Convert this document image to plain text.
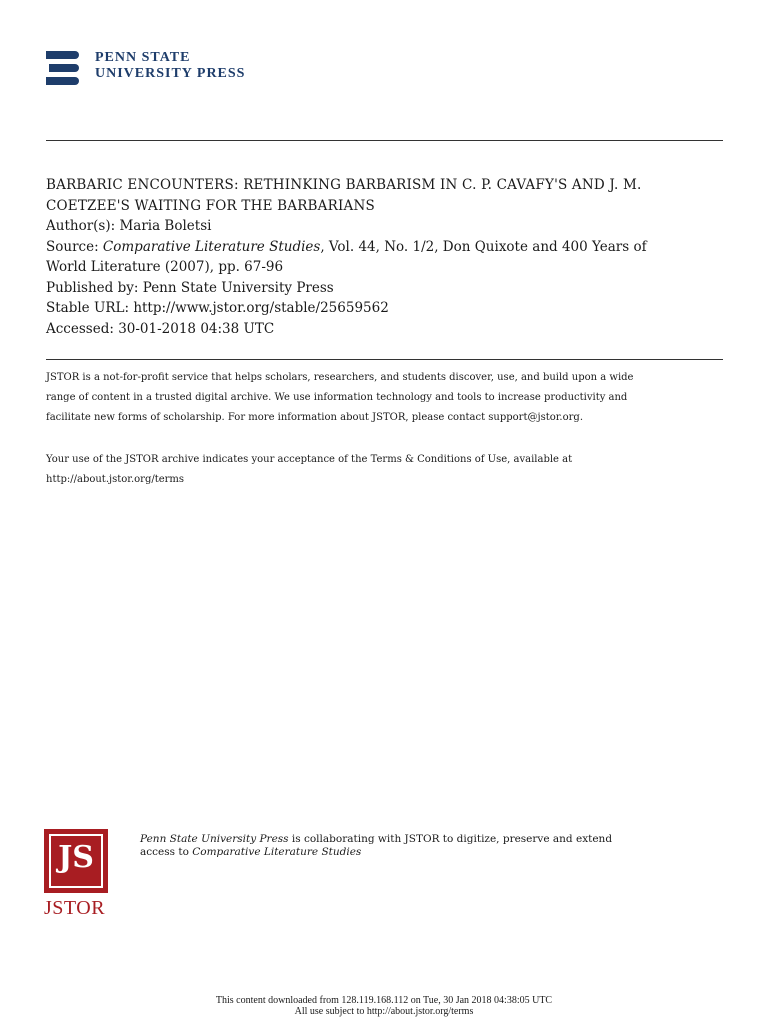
PENN STATE
UNIVERSITY PRESS
BARBARIC ENCOUNTERS: RETHINKING BARBARISM IN C. P. CAVAFY'S AND J. M. COETZEE'S WAITING FOR THE BARBARIANS
Author(s): Maria Boletsi
Source: Comparative Literature Studies, Vol. 44, No. 1/2, Don Quixote and 400 Years of
World Literature (2007), pp. 67-96
Published by: Penn State University Press
Stable URL: http://www.jstor.org/stable/25659562
Accessed: 30-01-2018 04:38 UTC
JSTOR is a not-for-profit service that helps scholars, researchers, and students discover, use, and build upon a wide
range of content in a trusted digital archive. We use information technology and tools to increase productivity and
facilitate new forms of scholarship. For more information about JSTOR, please contact support@jstor.org.
Your use of the JSTOR archive indicates your acceptance of the Terms & Conditions of Use, available at
http://about.jstor.org/terms
JS
JSTOR
Penn State University Press is collaborating with JSTOR to digitize, preserve and extend
access to Comparative Literature Studies
This content downloaded from 128.119.168.112 on Tue, 30 Jan 2018 04:38:05 UTC
All use subject to http://about.jstor.org/terms
